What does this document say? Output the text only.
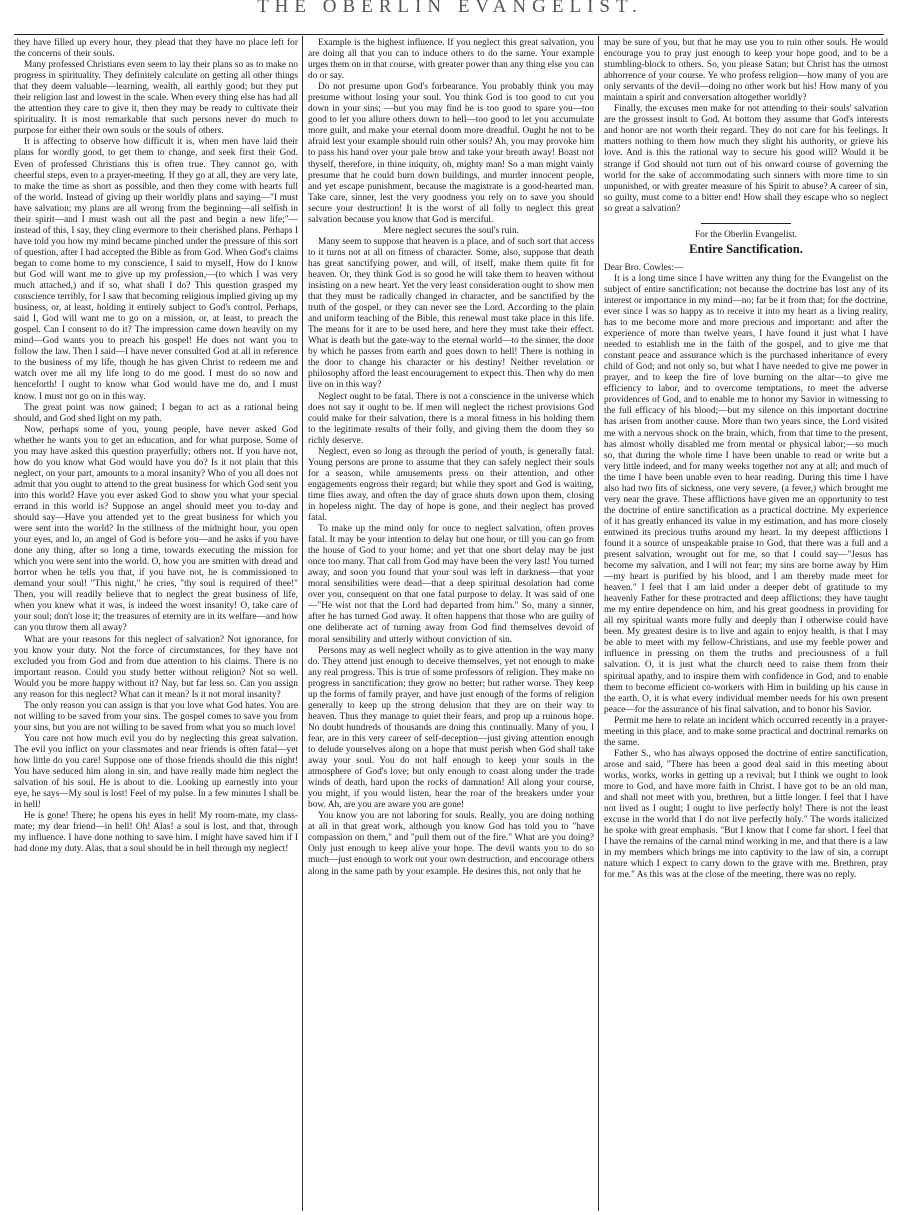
THE OBERLIN EVANGELIST.

they have filled up every hour, they plead that they have no place left for the concerns of their souls.

Many professed Christians even seem to lay their plans so as to make no progress in spirituality. They definitely calculate on getting all other things that they deem valuable—learning, wealth, all earthly good; but they put their religion last and lowest in the scale. When every thing else has had all the attention they care to give it, then they may be ready to cultivate their spirituality. It is most remarkable that such persons never do much to purpose for either their own souls or the souls of others.

It is affecting to observe how difficult it is, when men have laid their plans for wordly good, to get them to change, and seek first their God. Even of professed Christians this is often true. They cannot go, with cheerful steps, even to a prayer-meeting. If they go at all, they are very late, to make the time as short as possible, and then they come with hearts full of the world. Instead of giving up their worldly plans and saying—"I must have salvation; my plans are all wrong from the beginning—all selfish in their spirit—and I must wash out all the past and begin a new life;"—instead of this, I say, they cling evermore to their cherished plans. Perhaps I have told you how my mind became pinched under the pressure of this sort of question, after I had accepted the Bible as from God. When God's claims began to come home to my conscience, I said to myself, How do I know but God will want me to give up my profession,—(to which I was very much attached,) and if so, what shall I do? This question grasped my conscience terribly, for I saw that becoming religious implied giving up my business, or, at least, holding it entirely subject to God's control. Perhaps, said I, God will want me to go on a mission, or, at least, to preach the gospel. Can I consent to do it? The impression came down heavily on my mind—God wants you to preach his gospel! He does not want you to follow the law. Then I said—I have never consulted God at all in reference to the business of my life, though he has given Christ to redeem me and watch over me all my life long to do me good. I must do so now and henceforth! I ought to know what God would have me do, and I must know. I must not go on in this way.

The great point was now gained; I began to act as a rational being should, and God shed light on my path.

Now, perhaps some of you, young people, have never asked God whether he wants you to get an education, and for what purpose. Some of you may have asked this question prayerfully; others not. If you have not, how do you know what God would have you do? Is it not plain that this neglect, on your part, amounts to a moral insanity? Who of you all does not admit that you ought to attend to the great business for which God sent you into this world? Have you ever asked God to show you what your special errand in this world is? Suppose an angel should meet you to-day and should say—Have you attended yet to the great business for which you were sent into the world? In the stillness of the midnight hour, you open your eyes, and lo, an angel of God is before you—and he asks if you have done any thing, after so long a time, towards executing the mission for which you were sent into the world. O, how you are smitten with dread and horror when he tells you that, if you have not, he is commissioned to demand your soul! "This night," he cries, "thy soul is required of thee!" Then, you will readily believe that to neglect the great business of life, when you knew what it was, is indeed the worst insanity! O, take care of your soul; don't lose it; the treasures of eternity are in its welfare—and how can you throw them all away?

What are your reasons for this neglect of salvation? Not ignorance, for you know your duty. Not the force of circumstances, for they have not excluded you from God and from due attention to his claims. There is no important reason. Could you study better without religion? Not so well. Would you be more happy without it? Nay, but far less so. Can you assign any reason for this neglect? What can it mean? Is it not moral insanity?

The only reason you can assign is that you love what God hates. You are not willing to be saved from your sins. The gospel comes to save you from your sins, but you are not willing to be saved from what you so much love!

You care not how much evil you do by neglecting this great salvation. The evil you inflict on your classmates and near friends is often fatal—yet how little do you care! Suppose one of those friends should die this night! You have seduced him along in sin, and have really made him neglect the salvation of his soul. He is about to die. Looking up earnestly into your eye, he says—My soul is lost! Feel of my pulse. In a few minutes I shall be in hell!

He is gone! There; he opens his eyes in hell! My room-mate, my class-mate; my dear friend—in hell! Oh! Alas! a soul is lost, and that, through my influence. I have done nothing to save him. I might have saved him if I had done my duty. Alas, that a soul should be in hell through my neglect!

Example is the highest influence. If you neglect this great salvation, you are doing all that you can to induce others to do the same. Your example urges them on in that course, with greater power than any thing else you can do or say.

Do not presume upon God's forbearance. You probably think you may presume without losing your soul. You think God is too good to cut you down in your sins; —but you may find he is too good to spare you—too good to let you allure others down to hell—too good to let you accumulate more guilt, and make your eternal doom more dreadful. Ought he not to be afraid lest your example should ruin other souls? Ah, you may provoke him to pass his hand over your pale brow and take your breath away! Boast not thyself, therefore, in thine iniquity, oh, mighty man! So a man might vainly presume that he could burn down buildings, and murder innocent people, and yet escape punishment, because the magistrate is a good-hearted man. Take care, sinner, lest the very goodness you rely on to save you should secure your destruction! It is the worst of all folly to neglect this great salvation because you know that God is merciful.

Mere neglect secures the soul's ruin.

Many seem to suppose that heaven is a place, and of such sort that access to it turns not at all on fitness of character. Some, also, suppose that death has great sanctifying power, and will, of itself, make them quite fit for heaven. Or, they think God is so good he will take them to heaven without insisting on a new heart. Yet the very least consideration ought to show men that they must be radically changed in character, and be sanctified by the truth of the gospel, or they can never see the Lord. According to the plain and uniform teaching of the Bible, this renewal must take place in this life. The means for it are to be used here, and here they must take their effect. What is death but the gate-way to the eternal world—to the sinner, the door by which he passes from earth and goes down to hell! There is nothing in the door to change his character or his destiny! Neither revelation or philosophy afford the least encouragement to expect this. Then why do men live on in this way?

Neglect ought to be fatal. There is not a conscience in the universe which does not say it ought to be. If men will neglect the richest provisions God could make for their salvation, there is a moral fitness in his holding them to the legitimate results of their folly, and giving them the doom they so richly deserve.

Neglect, even so long as through the period of youth, is generally fatal. Young persons are prone to assume that they can safely neglect their souls for a season, while amusements press on their attention, and other engagements engross their regard; but while they sport and God is waiting, time flies away, and often the day of grace shuts down upon them, closing in hopeless night. The day of hope is gone, and their neglect has proved fatal.

To make up the mind only for once to neglect salvation, often proves fatal. It may be your intention to delay but one hour, or till you can go from the house of God to your home; and yet that one short delay may be just once too many. That call from God may have been the very last! You turned away, and soon you found that your soul was left in darkness—that your moral sensibilities were dead—that a deep spiritual desolation had come over you, consequent on that one fatal purpose to delay. It was said of one—"He wist not that the Lord had departed from him." So, many a sinner, after he has turned God away. It often happens that those who are guilty of one deliberate act of turning away from God find themselves devoid of moral sensibility and utterly without conviction of sin.

Persons may as well neglect wholly as to give attention in the way many do. They attend just enough to deceive themselves, yet not enough to make any real progress. This is true of some professors of religion. They make no progress in sanctification; they grow no better; but rather worse. They keep up the forms of family prayer, and have just enough of the forms of religion generally to keep up the strong delusion that they are on their way to heaven. Thus they manage to quiet their fears, and prop up a ruinous hope. No doubt hundreds of thousands are doing this continually. Many of you, I fear, are in this very career of self-deception—just giving attention enough to delude yourselves along on a hope that must perish when God shall take away your soul. You do not half enough to keep your souls in the atmosphere of God's love; but only enough to coast along under the trade winds of death, hard upon the rocks of damnation! All along your course, you might, if you would listen, hear the roar of the breakers under your bow. Ah, are you are aware you are gone!

You know you are not laboring for souls. Really, you are doing nothing at all in that great work, although you know God has told you to "have compassion on them," and "pull them out of the fire." What are you doing? Only just enough to keep alive your hope. The devil wants you to do so much—just enough to work out your own destruction, and encourage others along in the same path by your example. He desires this, not only that he

may be sure of you, but that he may use you to ruin other souls. He would encourage you to pray just enough to keep your hope good, and to be a stumbling-block to others. So, you please Satan; but Christ has the utmost abhorrence of your course. Ye who profess religion—how many of you are only servants of the devil—doing no other work but his! How many of you maintain a spirit and conversation altogether worldly?

Finally, the excuses men make for not attending to their souls' salvation are the grossest insult to God. At bottom they assume that God's interests and honor are not worth their regard. They do not care for his feelings. It matters nothing to them how much they slight his authority, or grieve his love. And is this the rational way to secure his good will? Would it be strange if God should not turn out of his onward course of governing the world for the sake of accommodating such sinners with more time to sin unpunished, or with greater measure of his Spirit to abuse? A career of sin, so guilty, must come to a bitter end! How shall they escape who so neglect so great a salvation?

For the Oberlin Evangelist.

Entire Sanctification.

Dear Bro. Cowles:—

It is a long time since I have written any thing for the Evangelist on the subject of entire sanctification; not because the doctrine has lost any of its interest or importance in my mind—no; far be it from that; for the doctrine, ever since I was so happy as to receive it into my heart as a living reality, has to me become more and more precious and important: and after the experience of more than twelve years, I have found it just what I have needed to establish me in the faith of the gospel, and to give me that constant peace and assurance which is the purchased inheritance of every child of God; and not only so, but what I have needed to give me power in prayer, and to keep the fire of love burning on the altar—to give me efficiency to labor, and to overcome temptations, to meet the adverse providences of God, and to enable me to honor my Savior in witnessing to the full efficacy of his blood;—but my silence on this important doctrine has arisen from another cause. More than two years since, the Lord visited me with a nervous shock on the brain, which, from that time to the present, has almost wholly disabled me from mental or physical labor;—so much so, that during the whole time I have been unable to read or write but a very little indeed, and for many weeks together not any at all; and much of the time I have been unable even to hear reading. During this time I have also had two fits of sickness, one very severe, (a fever,) which brought me very near the grave. These afflictions have given me an opportunity to test the doctrine of entire sanctification as a practical doctrine. My experience of it has greatly enhanced its value in my estimation, and has more closely entwined its precious truths around my heart. In my deepest afflictions I found it a source of unspeakable praise to God, that there was a full and a present salvation, wrought out for me, so that I could say—"Jesus has become my salvation, and I will not fear; my sins are borne away by Him—my heart is purified by his blood, and I am thereby made meet for heaven." I feel that I am laid under a deeper debt of gratitude to my heavenly Father for these protracted and deep afflictions; they have taught me my entire dependence on him, and his great goodness in providing for all my spiritual wants more fully and deeply than I otherwise could have been. My greatest desire is to live and again to enjoy health, is that I may be able to meet with my fellow-Christians, and use my feeble power and influence in pressing on them the truths and preciousness of a full salvation. O, it is just what the church need to raise them from their spiritual apathy, and to inspire them with confidence in God, and to enable them to become efficient co-workers with Him in building up his cause in the earth. O, it is what every individual member needs for his own present peace—for the assurance of his final salvation, and to honor his Savior.

Permit me here to relate an incident which occurred recently in a prayer-meeting in this place, and to make some practical and doctrinal remarks on the same.

Father S., who has always opposed the doctrine of entire sanctification, arose and said, "There has been a good deal said in this meeting about works, works, works in getting up a revival; but I think we ought to look more to God, and have more faith in Christ. I have got to be an old man, and shall not meet with you, brethren, but a little longer. I feel that I have not lived as I ought; I ought to live perfectly holy! There is not the least excuse in the world that I do not live perfectly holy." The words italicized he spoke with great emphasis. "But I know that I come far short. I feel that I have the remains of the carnal mind working in me, and that there is a law in my members which brings me into captivity to the law of sin, a corrupt nature which I expect to carry down to the grave with me. Brethren, pray for me." As this was at the close of the meeting, there was no reply.
